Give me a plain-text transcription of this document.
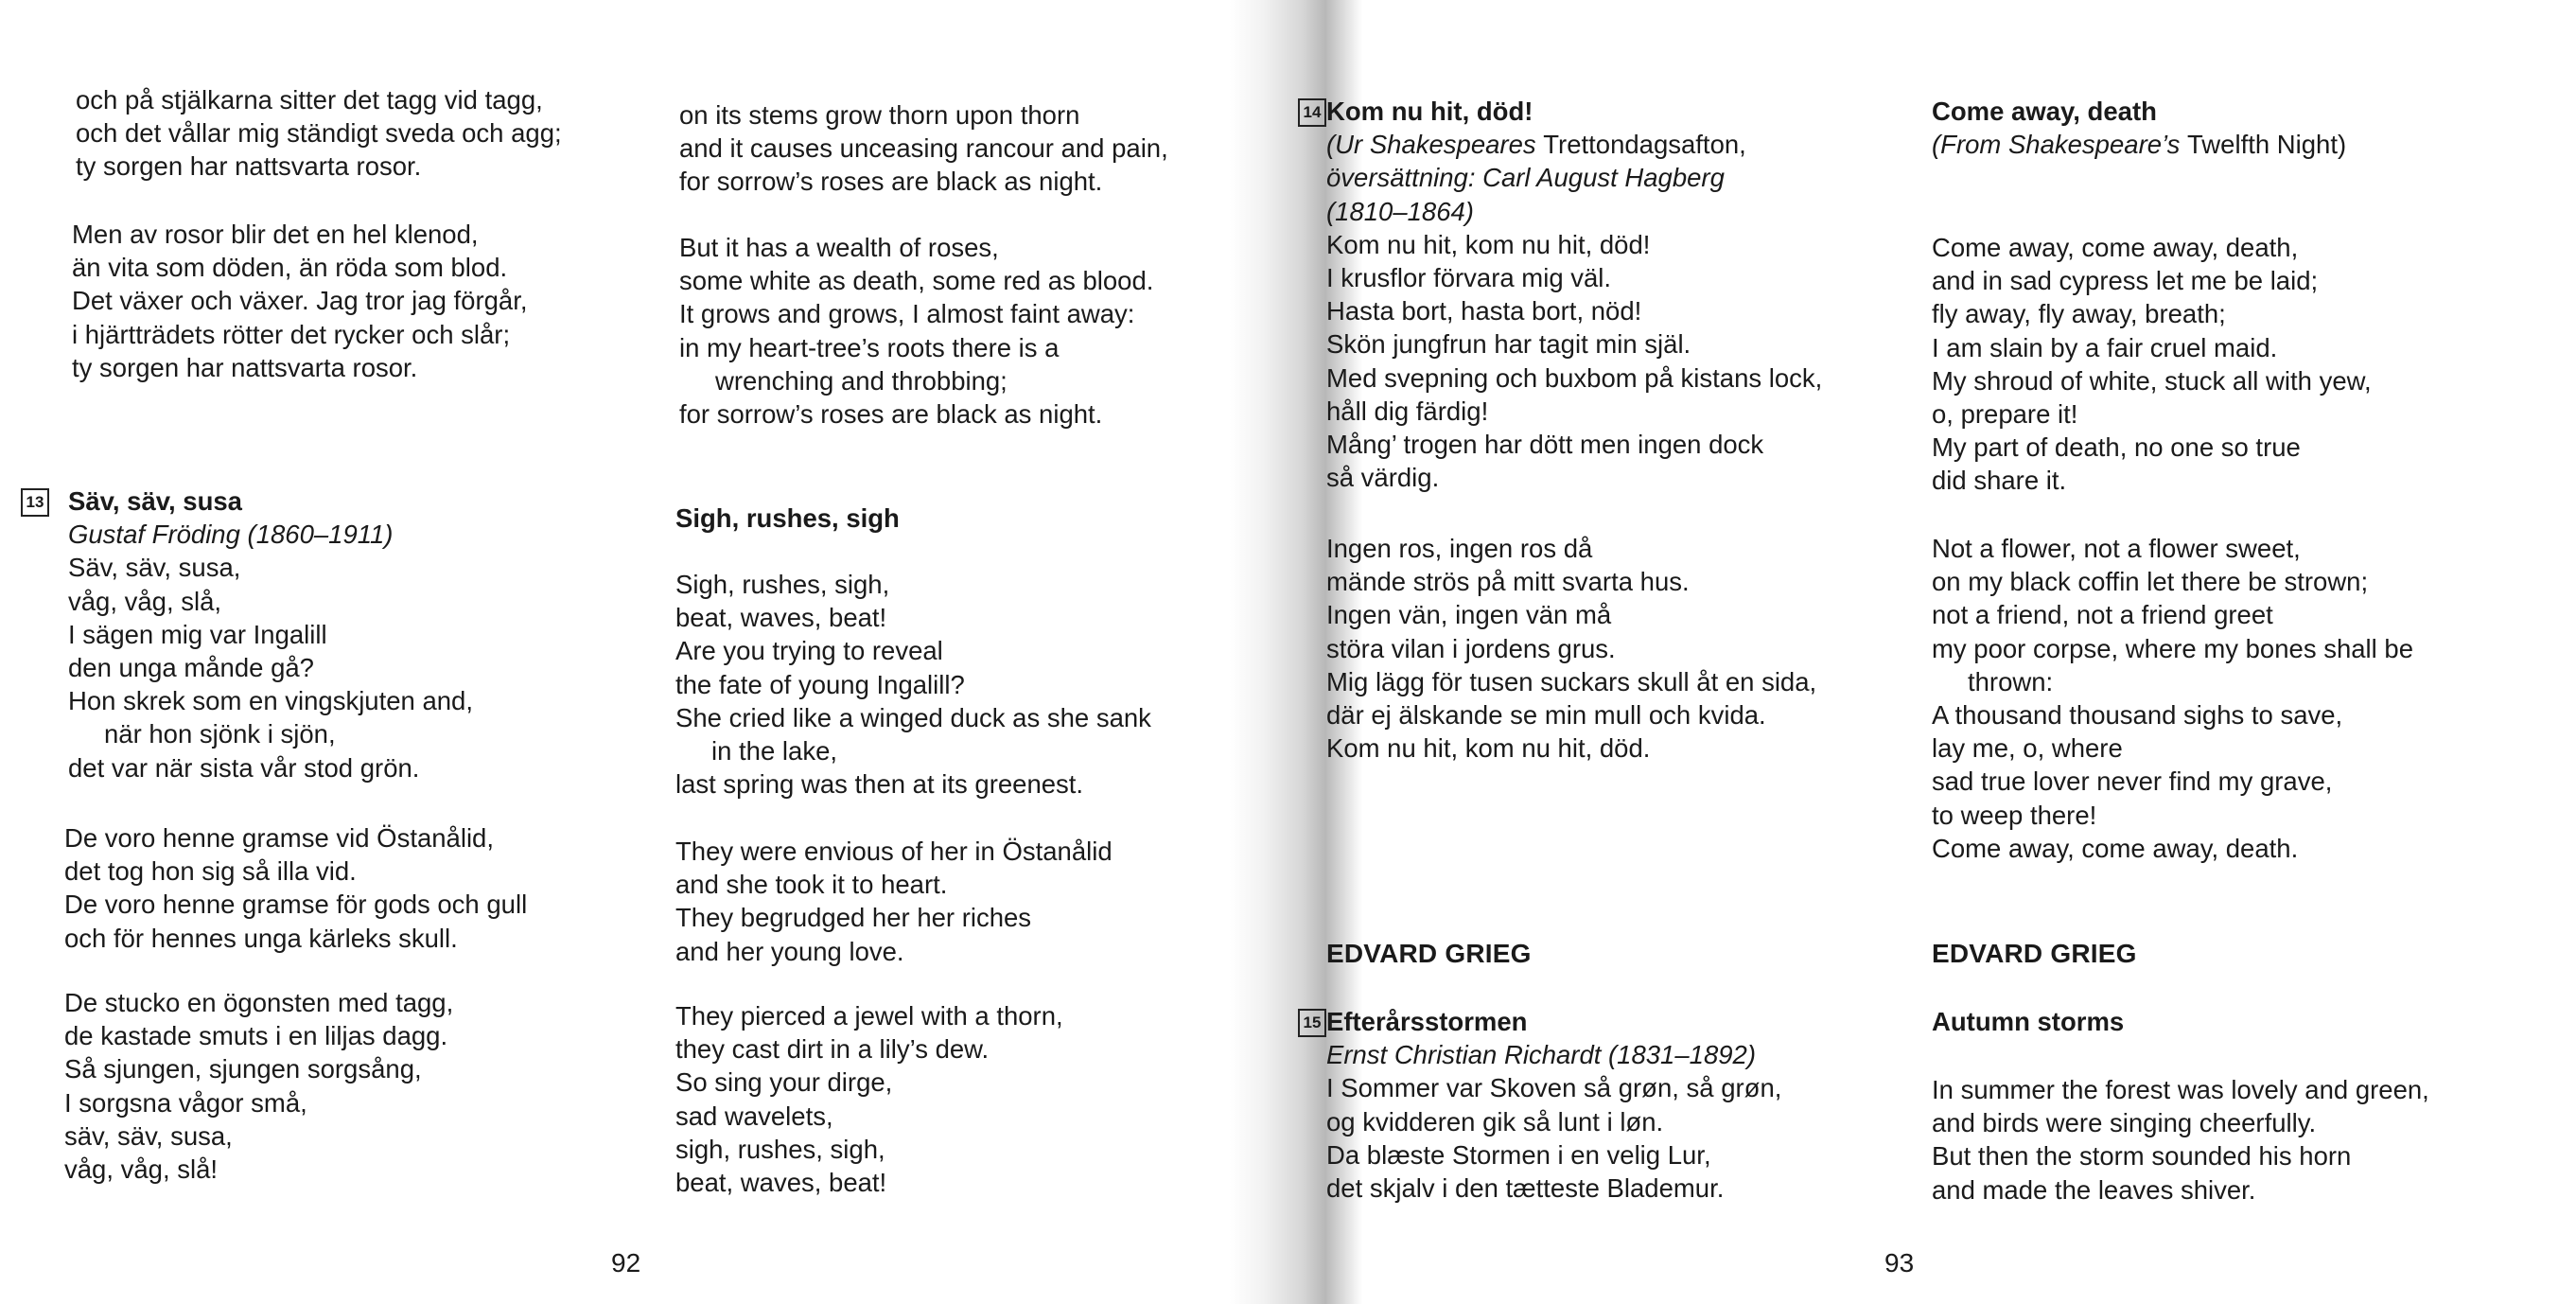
och på stjälkarna sitter det tagg vid tagg,

och det vållar mig ständigt sveda och agg;

ty sorgen har nattsvarta rosor.

Men av rosor blir det en hel klenod,

än vita som döden, än röda som blod.

Det växer och växer. Jag tror jag förgår,

i hjärtträdets rötter det rycker och slår;

ty sorgen har nattsvarta rosor.

13 Säv, säv, susa

Gustaf Fröding (1860–1911)

Säv, säv, susa,

våg, våg, slå,

I sägen mig var Ingalill

den unga månde gå?

Hon skrek som en vingskjuten and,

när hon sjönk i sjön,

det var när sista vår stod grön.

De voro henne gramse vid Östanålid,

det tog hon sig så illa vid.

De voro henne gramse för gods och gull

och för hennes unga kärleks skull.

De stucko en ögonsten med tagg,

de kastade smuts i en liljas dagg.

Så sjungen, sjungen sorgsång,

I sorgsna vågor små,

säv, säv, susa,

våg, våg, slå!

on its stems grow thorn upon thorn

and it causes unceasing rancour and pain,

for sorrow’s roses are black as night.

But it has a wealth of roses,

some white as death, some red as blood.

It grows and grows, I almost faint away:

in my heart-tree’s roots there is a

wrenching and throbbing;

for sorrow’s roses are black as night.

Sigh, rushes, sigh

Sigh, rushes, sigh,

beat, waves, beat!

Are you trying to reveal

the fate of young Ingalill?

She cried like a winged duck as she sank

in the lake,

last spring was then at its greenest.

They were envious of her in Östanålid

and she took it to heart.

They begrudged her her riches

and her young love.

They pierced a jewel with a thorn,

they cast dirt in a lily’s dew.

So sing your dirge,

sad wavelets,

sigh, rushes, sigh,

beat, waves, beat!

92
14 Kom nu hit, död!

(Ur Shakespeares Trettondagsafton,

översättning: Carl August Hagberg

(1810–1864)

Kom nu hit, kom nu hit, död!

I krusflor förvara mig väl.

Hasta bort, hasta bort, nöd!

Skön jungfrun har tagit min själ.

Med svepning och buxbom på kistans lock,

håll dig färdig!

Mång’ trogen har dött men ingen dock

så värdig.

Ingen ros, ingen ros då

mände strös på mitt svarta hus.

Ingen vän, ingen vän må

störa vilan i jordens grus.

Mig lägg för tusen suckars skull åt en sida,

där ej älskande se min mull och kvida.

Kom nu hit, kom nu hit, död.

EDVARD GRIEG
15 Efterårsstormen

Ernst Christian Richardt (1831–1892)

I Sommer var Skoven så grøn, så grøn,

og kvidderen gik så lunt i løn.

Da blæste Stormen i en velig Lur,

det skjalv i den tætteste Blademur.

Come away, death

(From Shakespeare’s Twelfth Night)

Come away, come away, death,

and in sad cypress let me be laid;

fly away, fly away, breath;

I am slain by a fair cruel maid.

My shroud of white, stuck all with yew,

o, prepare it!

My part of death, no one so true

did share it.

Not a flower, not a flower sweet,

on my black coffin let there be strown;

not a friend, not a friend greet

my poor corpse, where my bones shall be

thrown:

A thousand thousand sighs to save,

lay me, o, where

sad true lover never find my grave,

to weep there!

Come away, come away, death.

EDVARD GRIEG

Autumn storms

In summer the forest was lovely and green,

and birds were singing cheerfully.

But then the storm sounded his horn

and made the leaves shiver.

93
